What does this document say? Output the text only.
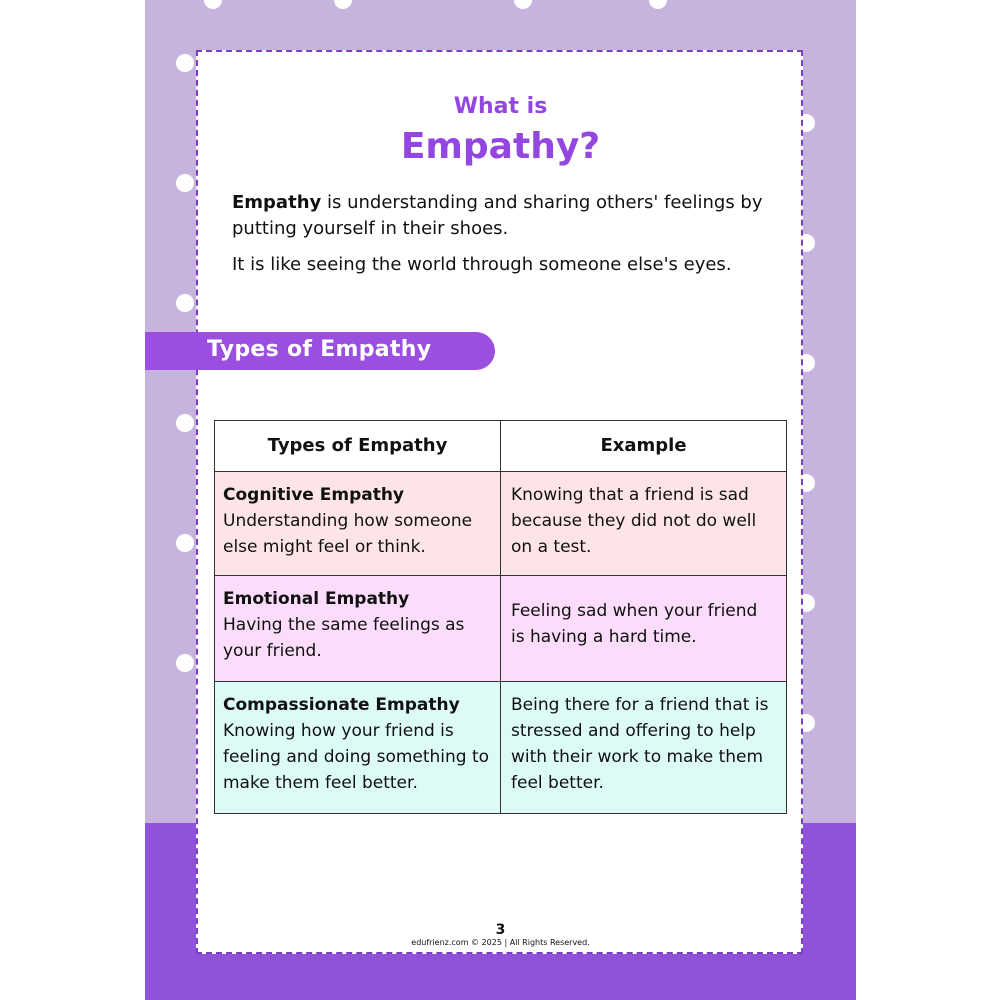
What is
Empathy?

Empathy is understanding and sharing others' feelings by putting yourself in their shoes.

It is like seeing the world through someone else's eyes.

Types of Empathy
Types of Empathy	Example

Cognitive Empathy
Understanding how someone else might feel or think.	Knowing that a friend is sad because they did not do well on a test.

Emotional Empathy
Having the same feelings as your friend.	Feeling sad when your friend is having a hard time.

Compassionate Empathy
Knowing how your friend is feeling and doing something to make them feel better.	Being there for a friend that is stressed and offering to help with their work to make them feel better.
3
edufrienz.com © 2025 | All Rights Reserved.
